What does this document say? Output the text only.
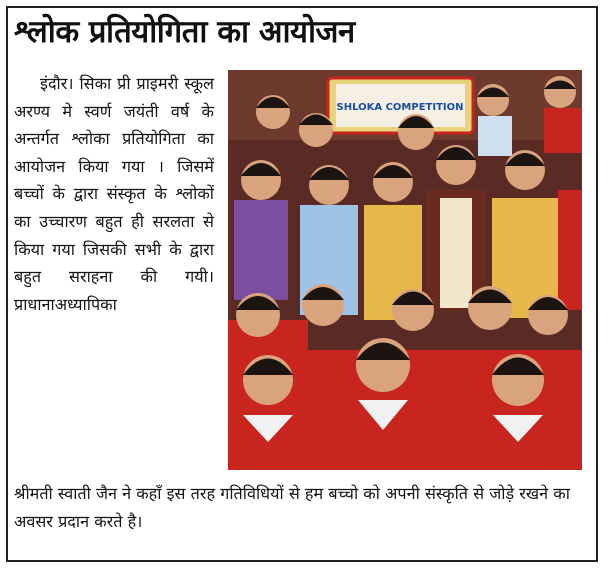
श्लोक प्रतियोगिता का आयोजन

इंदौर। सिका प्री प्राइमरी स्कूल अरण्य मे स्वर्ण जयंती वर्ष के अन्तर्गत श्लोका प्रतियोगिता का आयोजन किया गया । जिसमें बच्चों के द्वारा संस्कृत के श्लोकों का उच्चारण बहुत ही सरलता से किया गया जिसकी सभी के द्वारा बहुत सराहना की गयी। प्राधानाअध्यापिका

SHLOKA COMPETITION

श्रीमती स्वाती जैन ने कहाँ इस तरह गतिविधियों से हम बच्चो को अपनी संस्कृति से जोड़े रखने का अवसर प्रदान करते है।
